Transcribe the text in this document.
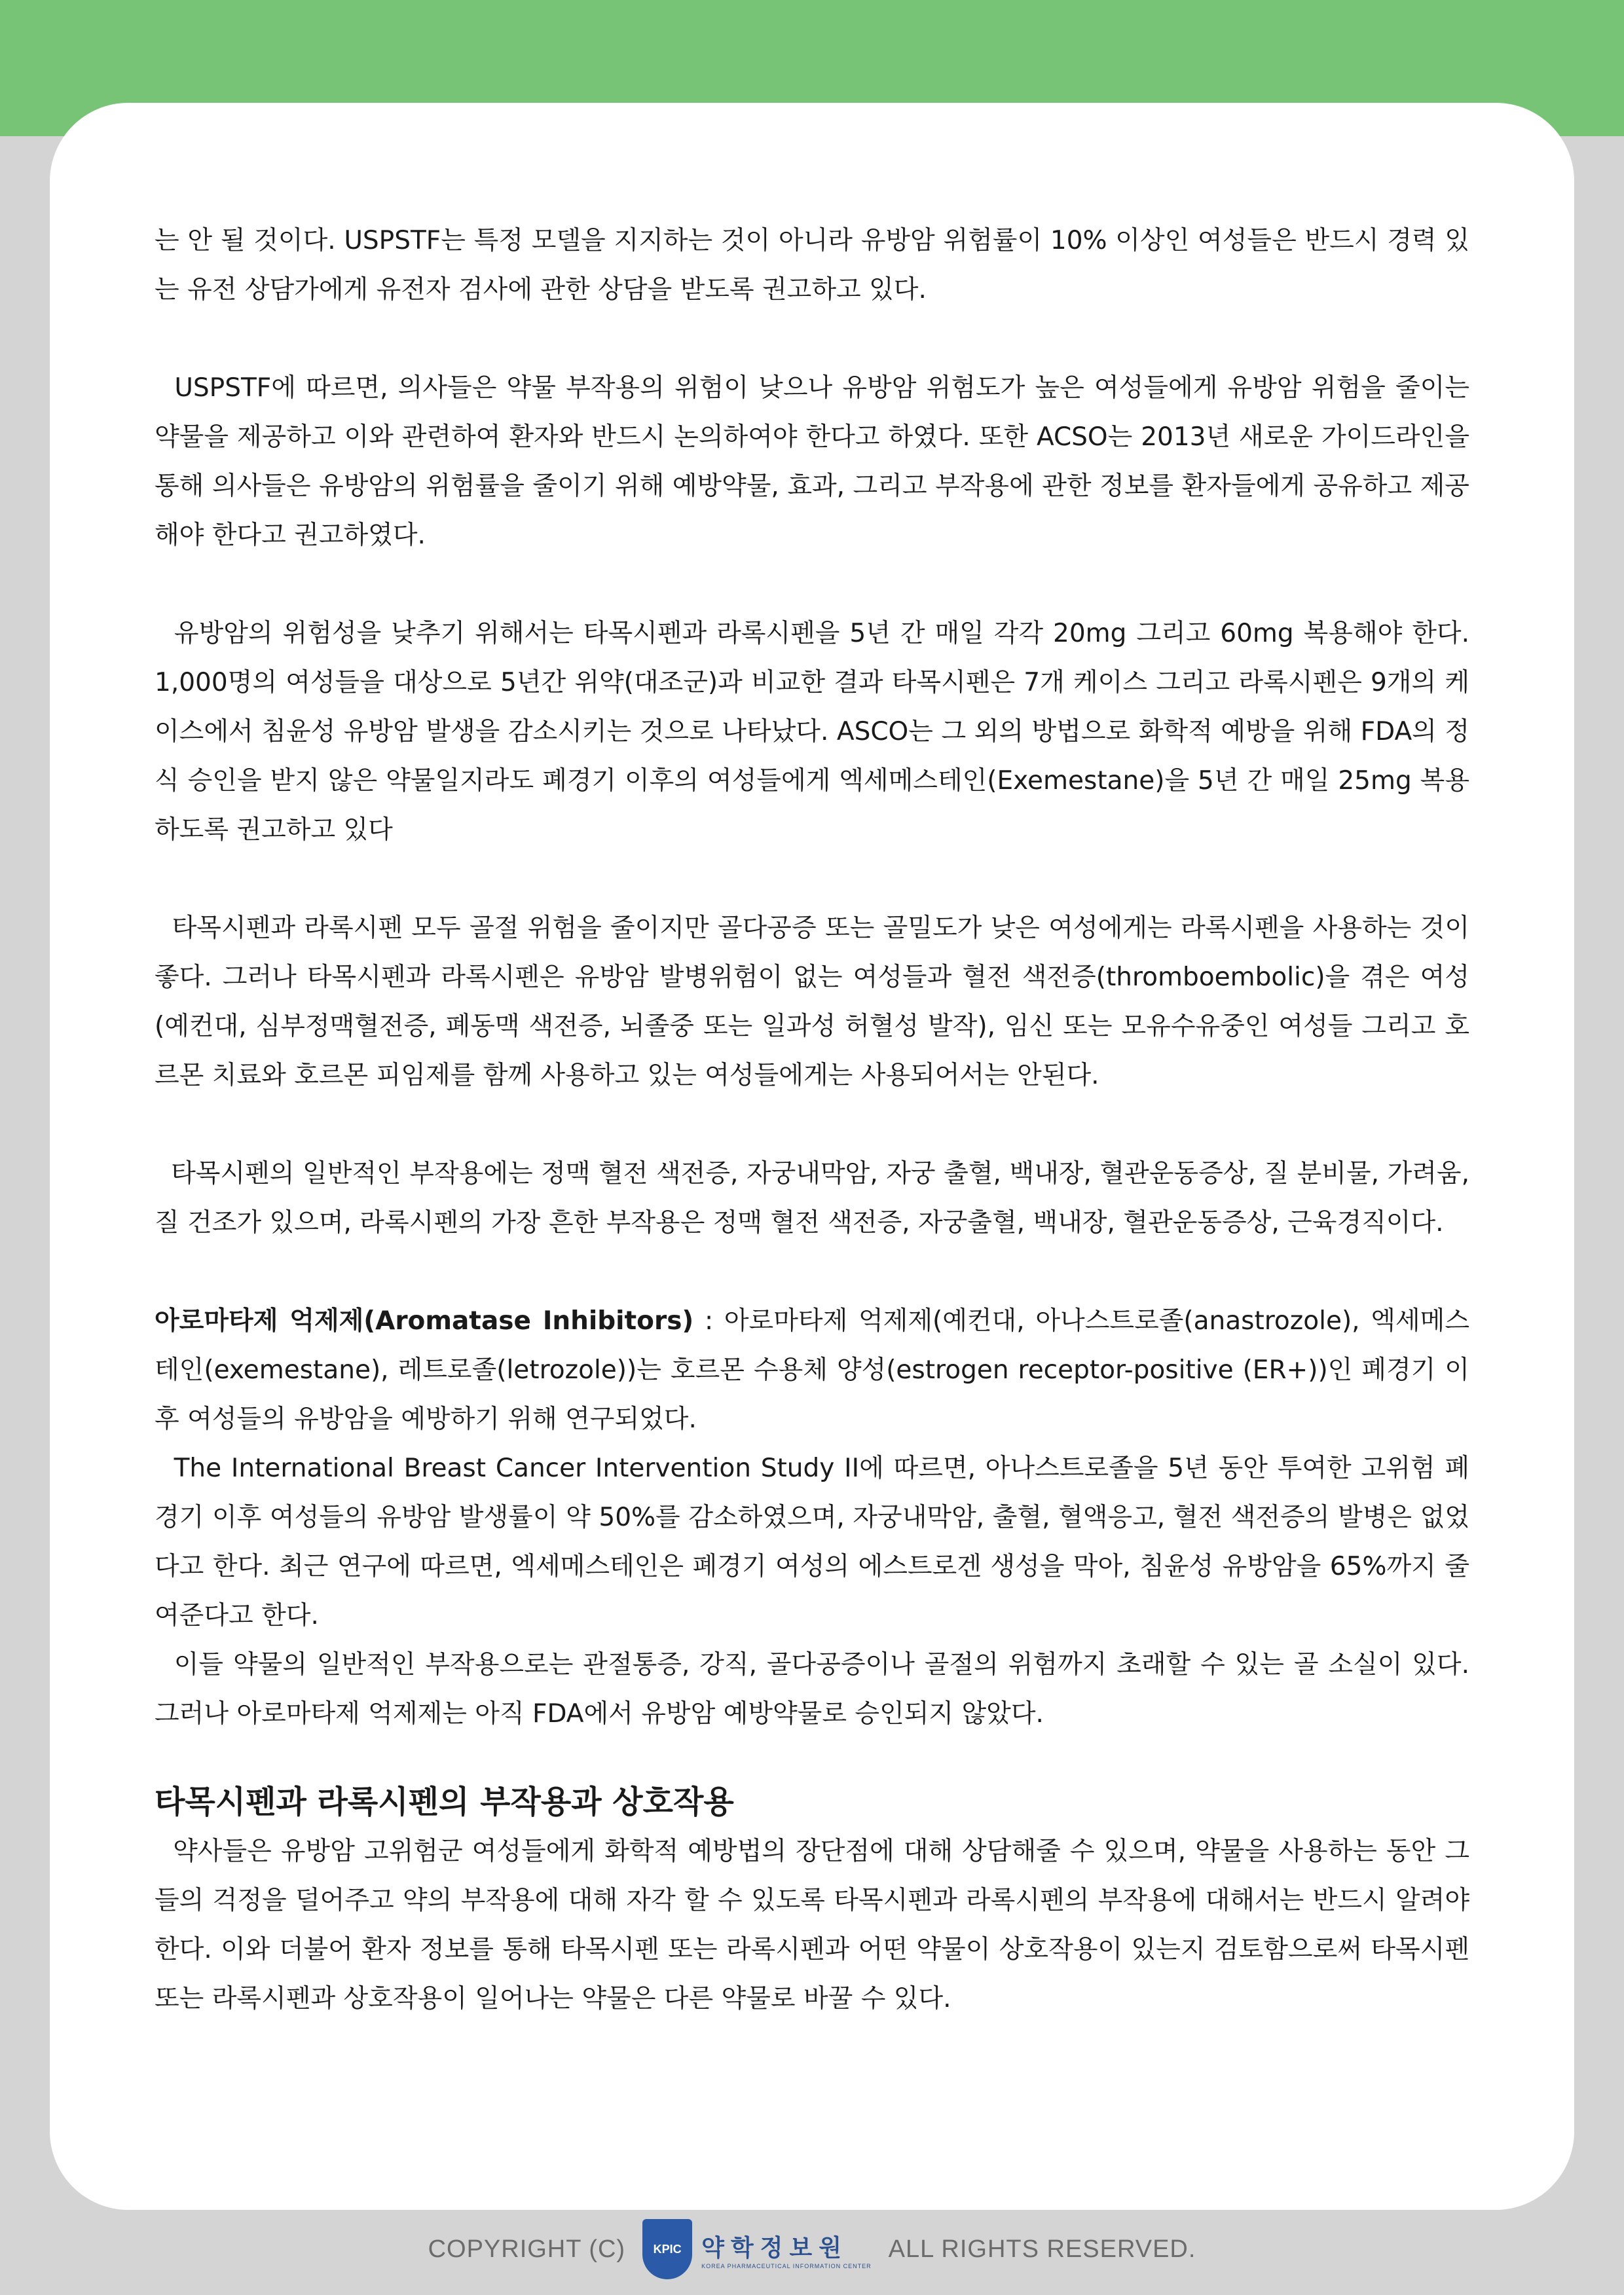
는 안 될 것이다. USPSTF는 특정 모델을 지지하는 것이 아니라 유방암 위험률이 10% 이상인 여성들은 반드시 경력 있는 유전 상담가에게 유전자 검사에 관한 상담을 받도록 권고하고 있다.

USPSTF에 따르면, 의사들은 약물 부작용의 위험이 낮으나 유방암 위험도가 높은 여성들에게 유방암 위험을 줄이는 약물을 제공하고 이와 관련하여 환자와 반드시 논의하여야 한다고 하였다. 또한 ACSO는 2013년 새로운 가이드라인을 통해 의사들은 유방암의 위험률을 줄이기 위해 예방약물, 효과, 그리고 부작용에 관한 정보를 환자들에게 공유하고 제공해야 한다고 권고하였다.

유방암의 위험성을 낮추기 위해서는 타목시펜과 라록시펜을 5년 간 매일 각각 20mg 그리고 60mg 복용해야 한다. 1,000명의 여성들을 대상으로 5년간 위약(대조군)과 비교한 결과 타목시펜은 7개 케이스 그리고 라록시펜은 9개의 케이스에서 침윤성 유방암 발생을 감소시키는 것으로 나타났다. ASCO는 그 외의 방법으로 화학적 예방을 위해 FDA의 정식 승인을 받지 않은 약물일지라도 폐경기 이후의 여성들에게 엑세메스테인(Exemestane)을 5년 간 매일 25mg 복용하도록 권고하고 있다

타목시펜과 라록시펜 모두 골절 위험을 줄이지만 골다공증 또는 골밀도가 낮은 여성에게는 라록시펜을 사용하는 것이 좋다. 그러나 타목시펜과 라록시펜은 유방암 발병위험이 없는 여성들과 혈전 색전증(thromboembolic)을 겪은 여성(예컨대, 심부정맥혈전증, 폐동맥 색전증, 뇌졸중 또는 일과성 허혈성 발작), 임신 또는 모유수유중인 여성들 그리고 호르몬 치료와 호르몬 피임제를 함께 사용하고 있는 여성들에게는 사용되어서는 안된다.

타목시펜의 일반적인 부작용에는 정맥 혈전 색전증, 자궁내막암, 자궁 출혈, 백내장, 혈관운동증상, 질 분비물, 가려움, 질 건조가 있으며, 라록시펜의 가장 흔한 부작용은 정맥 혈전 색전증, 자궁출혈, 백내장, 혈관운동증상, 근육경직이다.

아로마타제 억제제(Aromatase Inhibitors) : 아로마타제 억제제(예컨대, 아나스트로졸(anastrozole), 엑세메스테인(exemestane), 레트로졸(letrozole))는 호르몬 수용체 양성(estrogen receptor-positive (ER+))인 폐경기 이후 여성들의 유방암을 예방하기 위해 연구되었다.

The International Breast Cancer Intervention Study II에 따르면, 아나스트로졸을 5년 동안 투여한 고위험 폐경기 이후 여성들의 유방암 발생률이 약 50%를 감소하였으며, 자궁내막암, 출혈, 혈액응고, 혈전 색전증의 발병은 없었다고 한다. 최근 연구에 따르면, 엑세메스테인은 폐경기 여성의 에스트로겐 생성을 막아, 침윤성 유방암을 65%까지 줄여준다고 한다.

이들 약물의 일반적인 부작용으로는 관절통증, 강직, 골다공증이나 골절의 위험까지 초래할 수 있는 골 소실이 있다. 그러나 아로마타제 억제제는 아직 FDA에서 유방암 예방약물로 승인되지 않았다.

타목시펜과 라록시펜의 부작용과 상호작용

약사들은 유방암 고위험군 여성들에게 화학적 예방법의 장단점에 대해 상담해줄 수 있으며, 약물을 사용하는 동안 그들의 걱정을 덜어주고 약의 부작용에 대해 자각 할 수 있도록 타목시펜과 라록시펜의 부작용에 대해서는 반드시 알려야 한다. 이와 더불어 환자 정보를 통해 타목시펜 또는 라록시펜과 어떤 약물이 상호작용이 있는지 검토함으로써 타목시펜 또는 라록시펜과 상호작용이 일어나는 약물은 다른 약물로 바꿀 수 있다.

COPYRIGHT (C) KPIC 약학정보원
KOREA PHARMACEUTICAL INFORMATION CENTER
ALL RIGHTS RESERVED.
